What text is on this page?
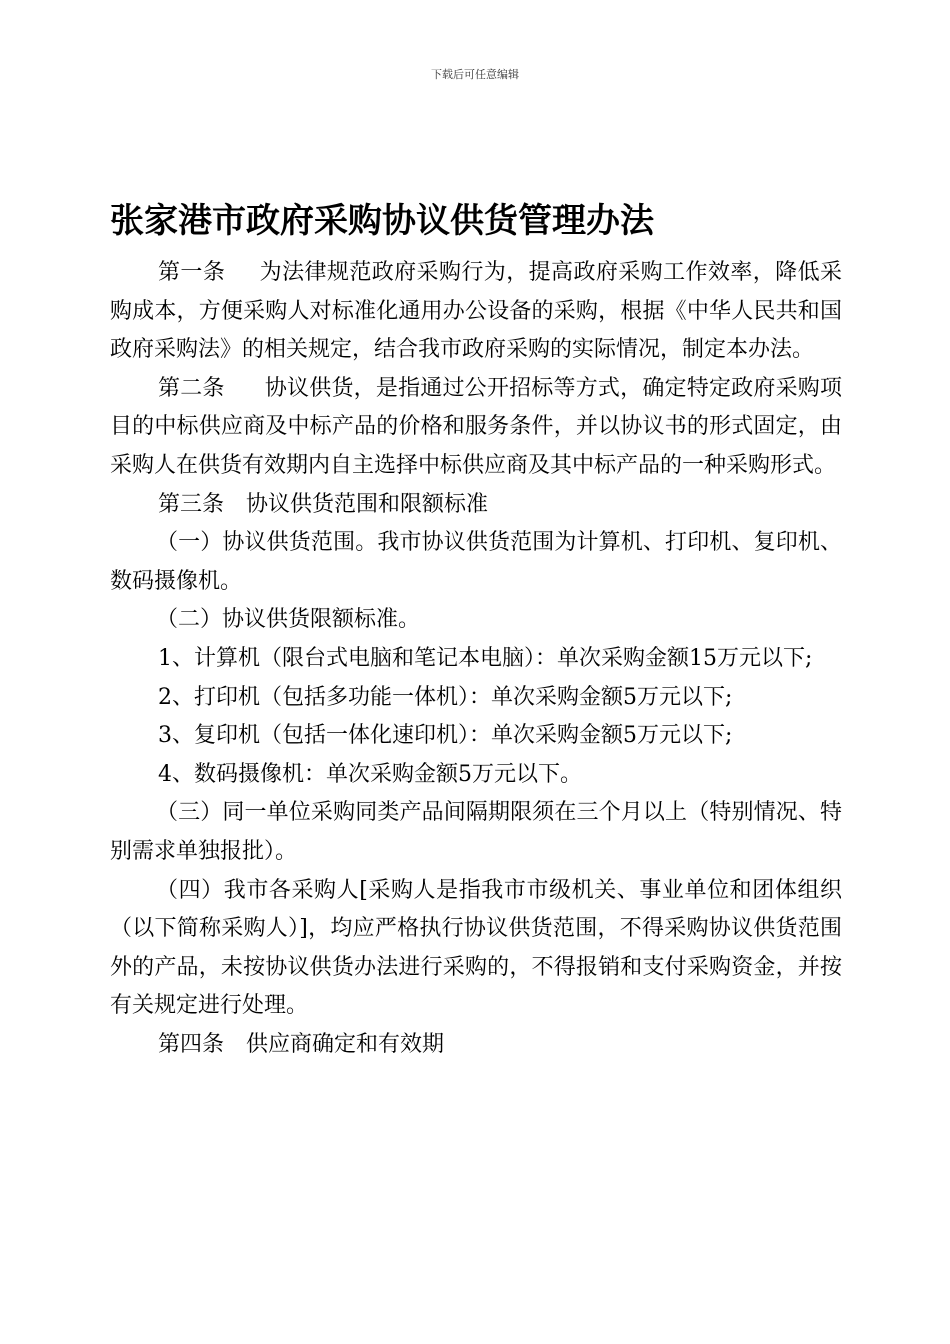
下载后可任意编辑
张家港市政府采购协议供货管理办法

第一条 为法律规范政府采购行为，提高政府采购工作效率，降低采购成本，方便采购人对标准化通用办公设备的采购，根据《中华人民共和国政府采购法》的相关规定，结合我市政府采购的实际情况，制定本办法。

第二条 协议供货，是指通过公开招标等方式，确定特定政府采购项目的中标供应商及中标产品的价格和服务条件，并以协议书的形式固定，由采购人在供货有效期内自主选择中标供应商及其中标产品的一种采购形式。

第三条 协议供货范围和限额标准

（一）协议供货范围。我市协议供货范围为计算机、打印机、复印机、数码摄像机。

（二）协议供货限额标准。

1、计算机（限台式电脑和笔记本电脑）：单次采购金额15万元以下;

2、打印机（包括多功能一体机）：单次采购金额5万元以下;

3、复印机（包括一体化速印机）：单次采购金额5万元以下;

4、数码摄像机：单次采购金额5万元以下。

（三）同一单位采购同类产品间隔期限须在三个月以上（特别情况、特别需求单独报批）。

（四）我市各采购人[采购人是指我市市级机关、事业单位和团体组织（以下简称采购人）]，均应严格执行协议供货范围，不得采购协议供货范围外的产品，未按协议供货办法进行采购的，不得报销和支付采购资金，并按有关规定进行处理。

第四条 供应商确定和有效期
